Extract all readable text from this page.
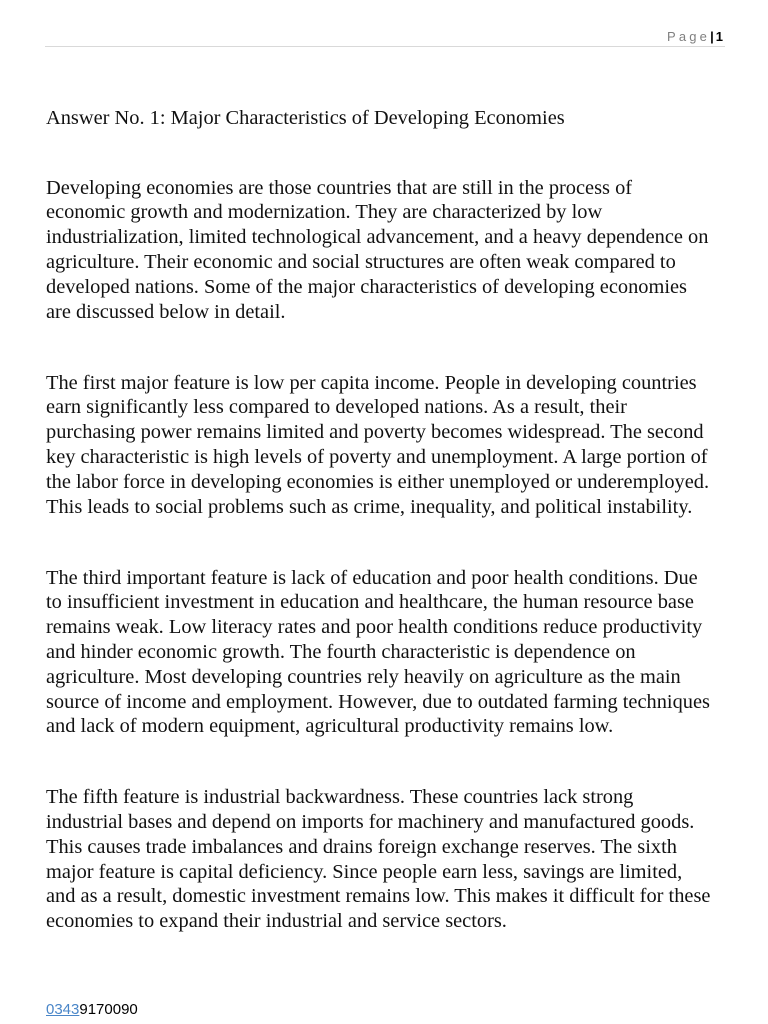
Page| 1
Answer No. 1: Major Characteristics of Developing Economies
Developing economies are those countries that are still in the process of
economic growth and modernization. They are characterized by low
industrialization, limited technological advancement, and a heavy dependence on
agriculture. Their economic and social structures are often weak compared to
developed nations. Some of the major characteristics of developing economies
are discussed below in detail.
The first major feature is low per capita income. People in developing countries
earn significantly less compared to developed nations. As a result, their
purchasing power remains limited and poverty becomes widespread. The second
key characteristic is high levels of poverty and unemployment. A large portion of
the labor force in developing economies is either unemployed or underemployed.
This leads to social problems such as crime, inequality, and political instability.
The third important feature is lack of education and poor health conditions. Due
to insufficient investment in education and healthcare, the human resource base
remains weak. Low literacy rates and poor health conditions reduce productivity
and hinder economic growth. The fourth characteristic is dependence on
agriculture. Most developing countries rely heavily on agriculture as the main
source of income and employment. However, due to outdated farming techniques
and lack of modern equipment, agricultural productivity remains low.
The fifth feature is industrial backwardness. These countries lack strong
industrial bases and depend on imports for machinery and manufactured goods.
This causes trade imbalances and drains foreign exchange reserves. The sixth
major feature is capital deficiency. Since people earn less, savings are limited,
and as a result, domestic investment remains low. This makes it difficult for these
economies to expand their industrial and service sectors.
03439170090
